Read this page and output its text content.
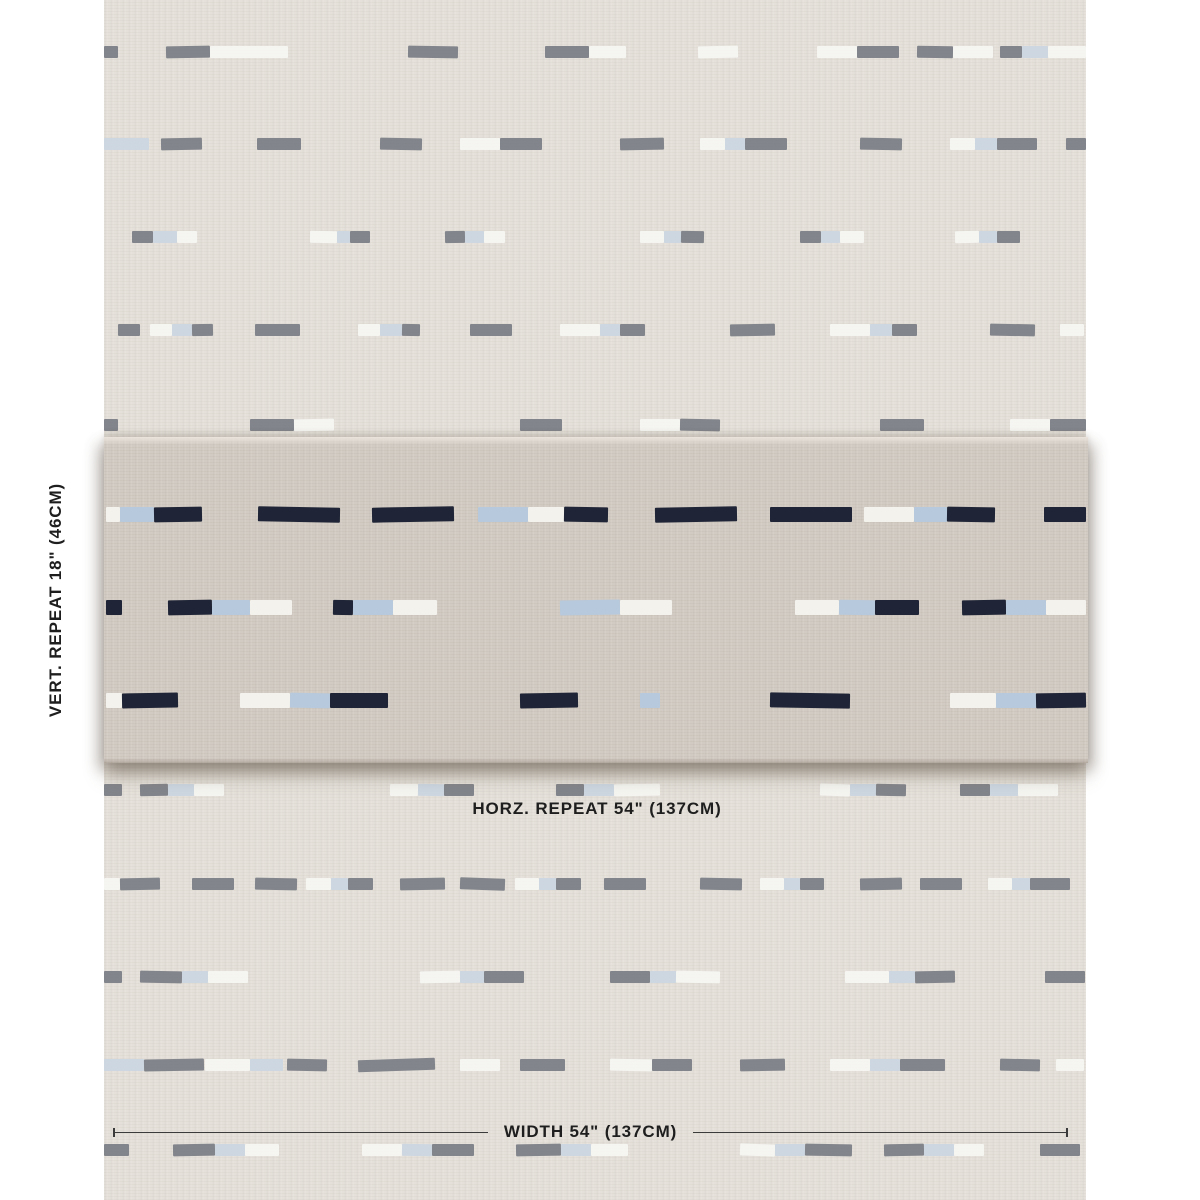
VERT. REPEAT18" (46CM)
HORZ. REPEAT 54" (137CM)
WIDTH 54" (137CM)
